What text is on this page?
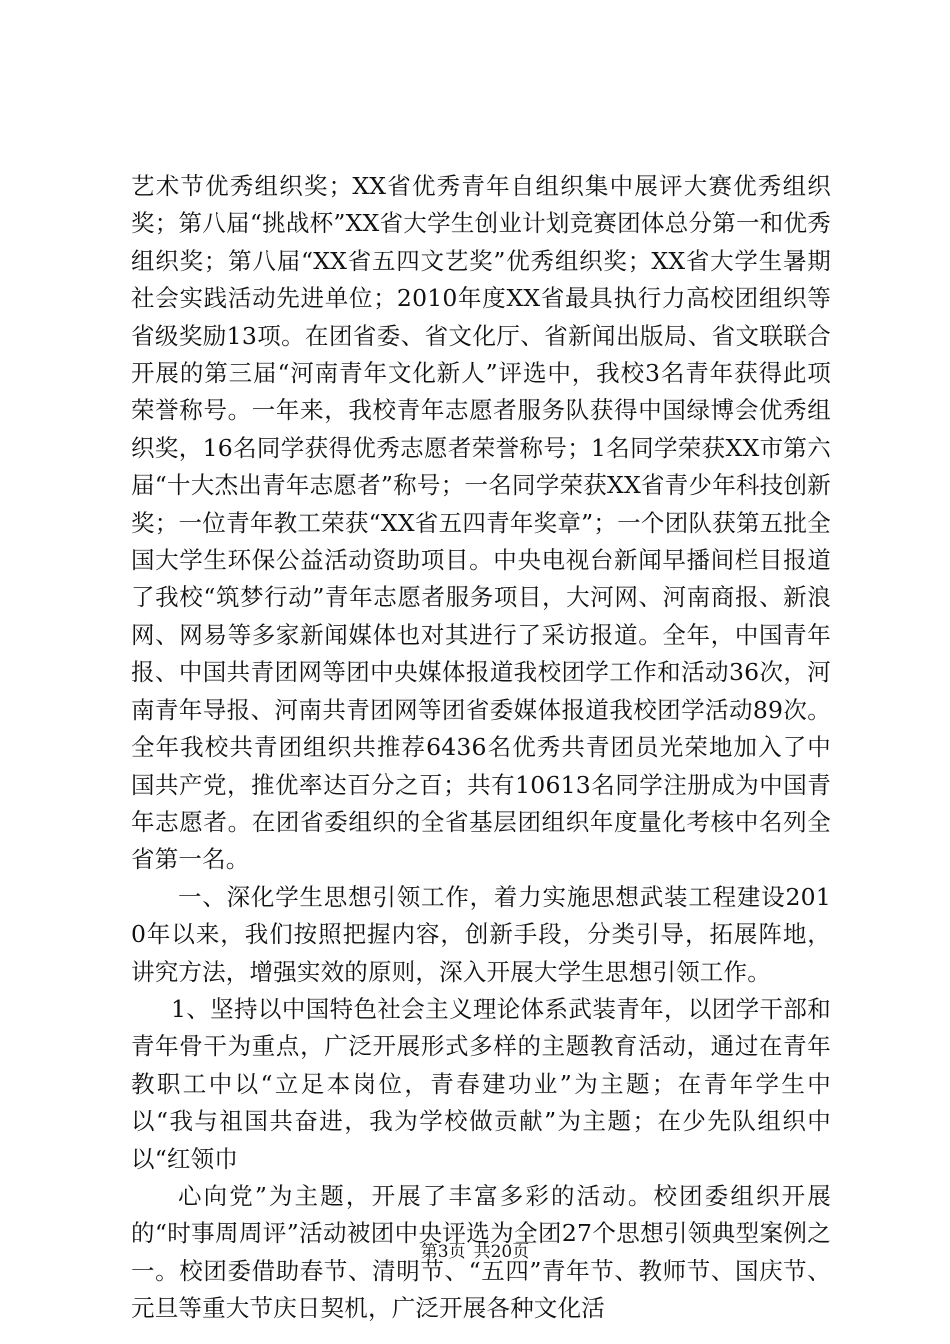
艺术节优秀组织奖；XX省优秀青年自组织集中展评大赛优秀组织奖；第八届“挑战杯”XX省大学生创业计划竞赛团体总分第一和优秀组织奖；第八届“XX省五四文艺奖”优秀组织奖；XX省大学生暑期社会实践活动先进单位；2010年度XX省最具执行力高校团组织等省级奖励13项。在团省委、省文化厅、省新闻出版局、省文联联合开展的第三届“河南青年文化新人”评选中，我校3名青年获得此项荣誉称号。一年来，我校青年志愿者服务队获得中国绿博会优秀组织奖，16名同学获得优秀志愿者荣誉称号；1名同学荣获XX市第六届“十大杰出青年志愿者”称号；一名同学荣获XX省青少年科技创新奖；一位青年教工荣获“XX省五四青年奖章”；一个团队获第五批全国大学生环保公益活动资助项目。中央电视台新闻早播间栏目报道了我校“筑梦行动”青年志愿者服务项目，大河网、河南商报、新浪网、网易等多家新闻媒体也对其进行了采访报道。全年，中国青年报、中国共青团网等团中央媒体报道我校团学工作和活动36次，河南青年导报、河南共青团网等团省委媒体报道我校团学活动89次。全年我校共青团组织共推荐6436名优秀共青团员光荣地加入了中国共产党，推优率达百分之百；共有10613名同学注册成为中国青年志愿者。在团省委组织的全省基层团组织年度量化考核中名列全省第一名。

一、深化学生思想引领工作，着力实施思想武装工程建设2010年以来，我们按照把握内容，创新手段，分类引导，拓展阵地，讲究方法，增强实效的原则，深入开展大学生思想引领工作。

1、坚持以中国特色社会主义理论体系武装青年，以团学干部和青年骨干为重点，广泛开展形式多样的主题教育活动，通过在青年教职工中以“立足本岗位，青春建功业”为主题；在青年学生中以“我与祖国共奋进，我为学校做贡献”为主题；在少先队组织中以“红领巾

心向党”为主题，开展了丰富多彩的活动。校团委组织开展的“时事周周评”活动被团中央评选为全团27个思想引领典型案例之一。校团委借助春节、清明节、“五四”青年节、教师节、国庆节、元旦等重大节庆日契机，广泛开展各种文化活

第3页 共20页
